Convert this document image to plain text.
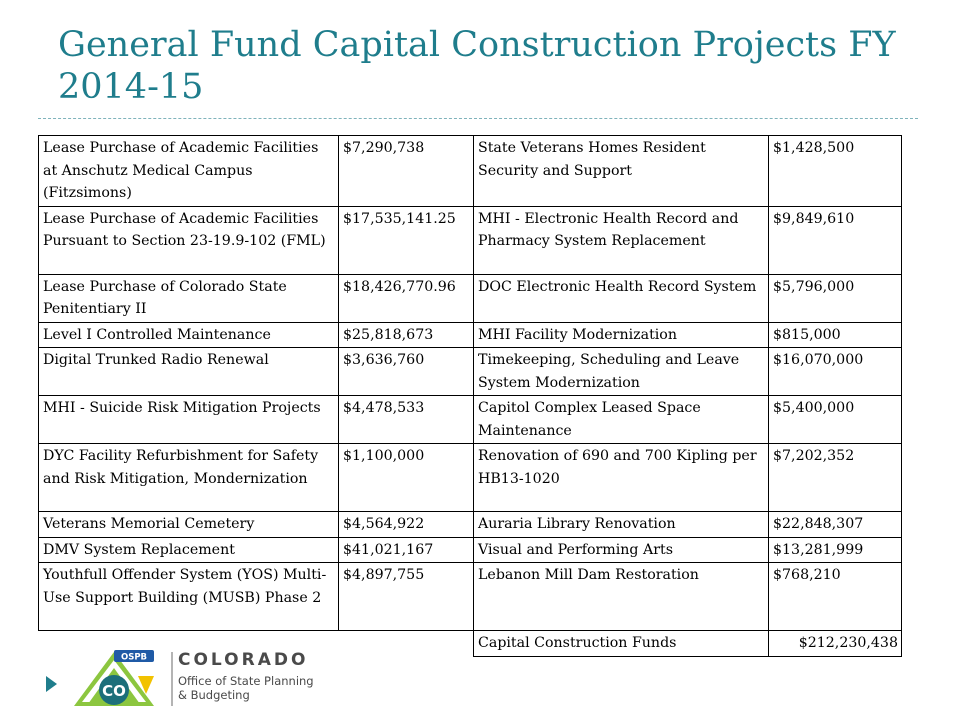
General Fund Capital Construction Projects FY 2014-15
Lease Purchase of Academic Facilities at Anschutz Medical Campus (Fitzsimons)	$7,290,738	State Veterans Homes Resident Security and Support	$1,428,500
Lease Purchase of Academic Facilities Pursuant to Section 23-19.9-102 (FML)	$17,535,141.25	MHI - Electronic Health Record and Pharmacy System Replacement	$9,849,610
Lease Purchase of Colorado State Penitentiary II	$18,426,770.96	DOC Electronic Health Record System	$5,796,000
Level I Controlled Maintenance	$25,818,673	MHI Facility Modernization	$815,000
Digital Trunked Radio Renewal	$3,636,760	Timekeeping, Scheduling and Leave System Modernization	$16,070,000
MHI - Suicide Risk Mitigation Projects	$4,478,533	Capitol Complex Leased Space Maintenance	$5,400,000
DYC Facility Refurbishment for Safety and Risk Mitigation, Mondernization	$1,100,000	Renovation of 690 and 700 Kipling per HB13-1020	$7,202,352
Veterans Memorial Cemetery	$4,564,922	Auraria Library Renovation	$22,848,307
DMV System Replacement	$41,021,167	Visual and Performing Arts	$13,281,999
Youthfull Offender System (YOS) Multi-Use Support Building (MUSB) Phase 2	$4,897,755	Lebanon Mill Dam Restoration	$768,210
		Capital Construction Funds	$212,230,438
OSPB
CO
COLORADO
Office of State Planning
& Budgeting
